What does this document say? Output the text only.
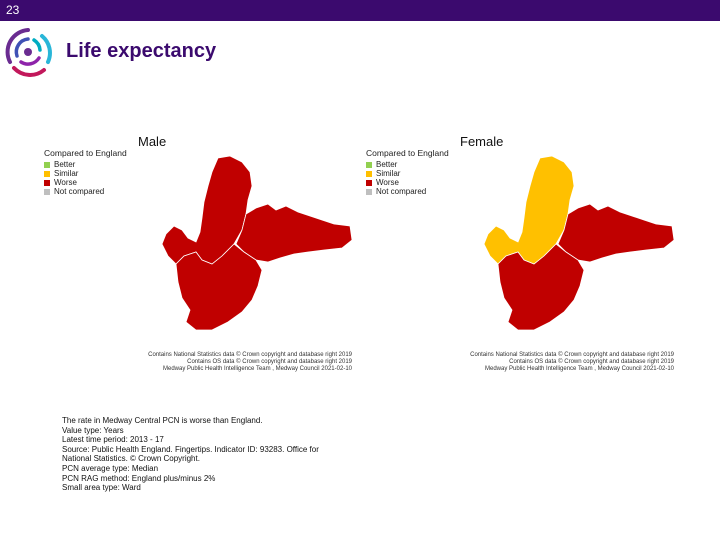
23
Life expectancy
Male
Compared to England
Better
Similar
Worse
Not compared
Contains National Statistics data © Crown copyright and database right 2019
Contains OS data © Crown copyright and database right 2019
Medway Public Health Intelligence Team , Medway Council 2021-02-10
Female
Compared to England
Better
Similar
Worse
Not compared
Contains National Statistics data © Crown copyright and database right 2019
Contains OS data © Crown copyright and database right 2019
Medway Public Health Intelligence Team , Medway Council 2021-02-10
The rate in Medway Central PCN is worse than England.
Value type: Years
Latest time period: 2013 - 17
Source: Public Health England. Fingertips. Indicator ID: 93283. Office for National Statistics. © Crown Copyright.
PCN average type: Median
PCN RAG method: England plus/minus 2%
Small area type: Ward
